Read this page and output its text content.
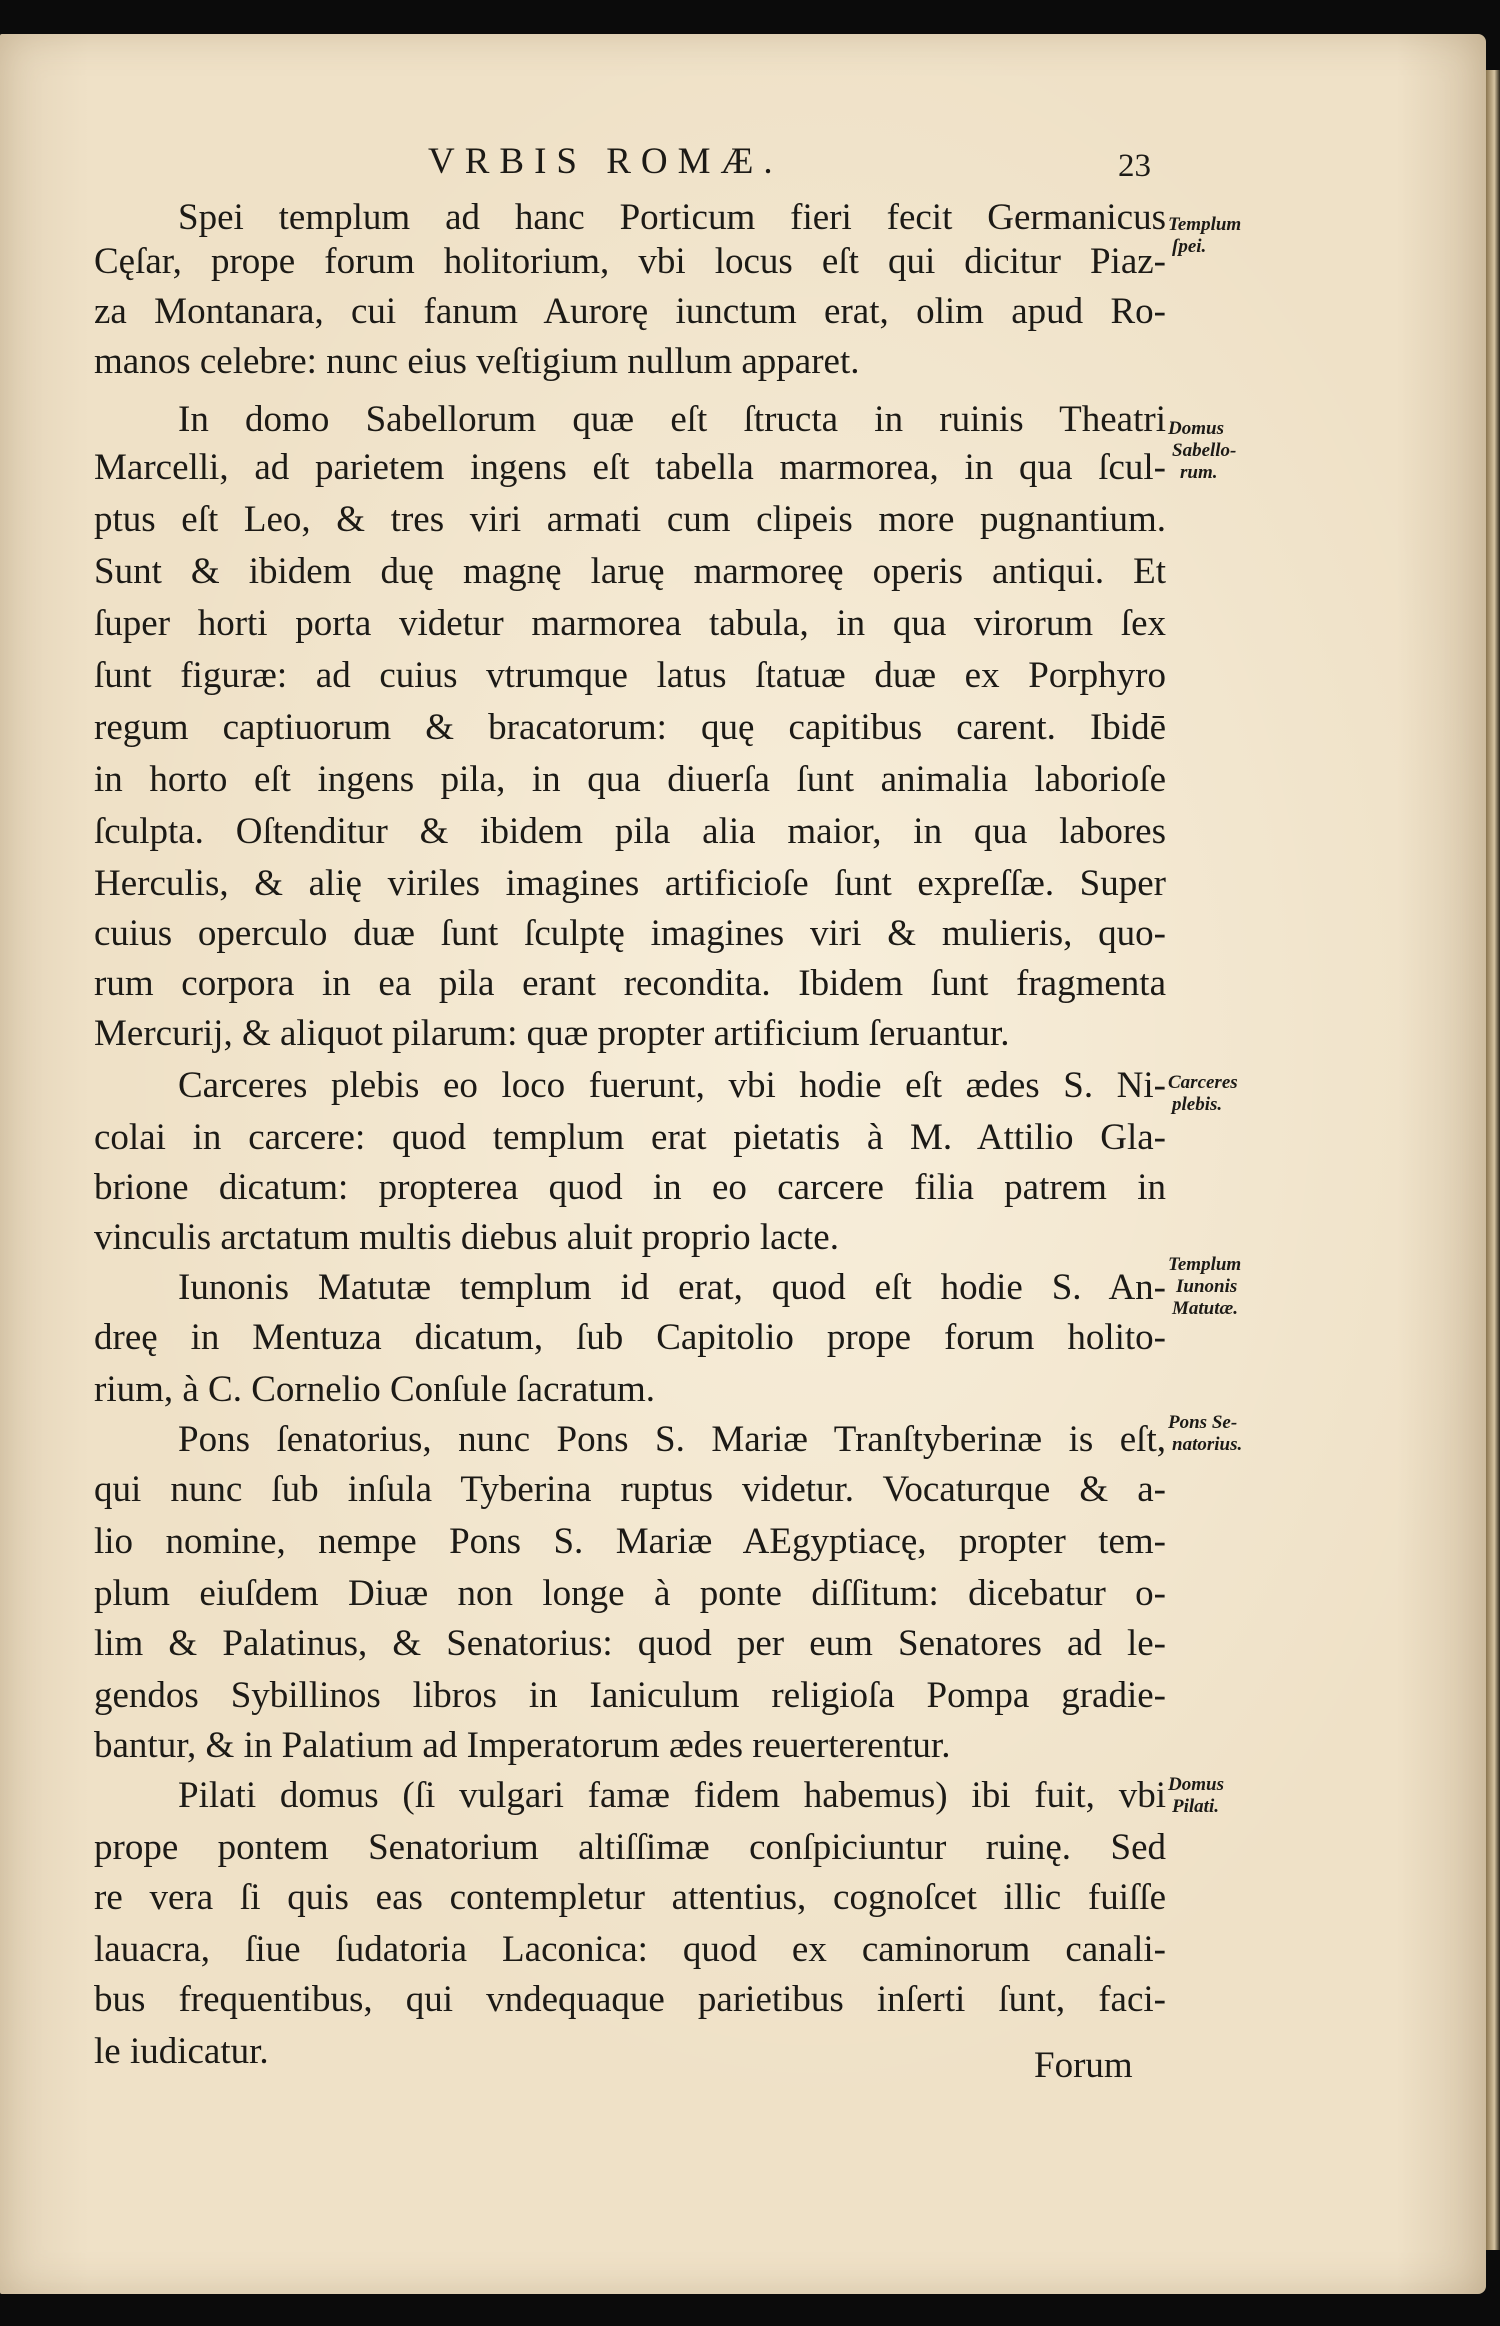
VRBIS ROMÆ.	23
Spei templum ad hanc Porticum fieri fecit Germanicus
Cęſar, prope forum holitorium, vbi locus eſt qui dicitur Piaz-
za Montanara, cui fanum Aurorę iunctum erat, olim apud Ro-
manos celebre: nunc eius veſtigium nullum apparet.
In domo Sabellorum quæ eſt ſtructa in ruinis Theatri
Marcelli, ad parietem ingens eſt tabella marmorea, in qua ſcul-
ptus eſt Leo, & tres viri armati cum clipeis more pugnantium.
Sunt & ibidem duę magnę laruę marmoreę operis antiqui. Et
ſuper horti porta videtur marmorea tabula, in qua virorum ſex
ſunt figuræ: ad cuius vtrumque latus ſtatuæ duæ ex Porphyro
regum captiuorum & bracatorum: quę capitibus carent. Ibidē
in horto eſt ingens pila, in qua diuerſa ſunt animalia laborioſe
ſculpta. Oſtenditur & ibidem pila alia maior, in qua labores
Herculis, & alię viriles imagines artificioſe ſunt expreſſæ. Super
cuius operculo duæ ſunt ſculptę imagines viri & mulieris, quo-
rum corpora in ea pila erant recondita. Ibidem ſunt fragmenta
Mercurij, & aliquot pilarum: quæ propter artificium ſeruantur.
Carceres plebis eo loco fuerunt, vbi hodie eſt ædes S. Ni-
colai in carcere: quod templum erat pietatis à M. Attilio Gla-
brione dicatum: propterea quod in eo carcere filia patrem in
vinculis arctatum multis diebus aluit proprio lacte.
Iunonis Matutæ templum id erat, quod eſt hodie S. An-
dreę in Mentuza dicatum, ſub Capitolio prope forum holito-
rium, à C. Cornelio Conſule ſacratum.
Pons ſenatorius, nunc Pons S. Mariæ Tranſtyberinæ is eſt,
qui nunc ſub inſula Tyberina ruptus videtur. Vocaturque & a-
lio nomine, nempe Pons S. Mariæ AEgyptiacę, propter tem-
plum eiuſdem Diuæ non longe à ponte diſſitum: dicebatur o-
lim & Palatinus, & Senatorius: quod per eum Senatores ad le-
gendos Sybillinos libros in Ianiculum religioſa Pompa gradie-
bantur, & in Palatium ad Imperatorum ædes reuerterentur.
Pilati domus (ſi vulgari famæ fidem habemus) ibi fuit, vbi
prope pontem Senatorium altiſſimæ conſpiciuntur ruinę. Sed
re vera ſi quis eas contempletur attentius, cognoſcet illic fuiſſe
lauacra, ſiue ſudatoria Laconica: quod ex caminorum canali-
bus frequentibus, qui vndequaque parietibus inſerti ſunt, faci-
le iudicatur.	Forum
Templum
ſpei.
Domus
Sabello-
rum.
Carceres
plebis.
Templum
Iunonis
Matutæ.
Pons Se-
natorius.
Domus
Pilati.
